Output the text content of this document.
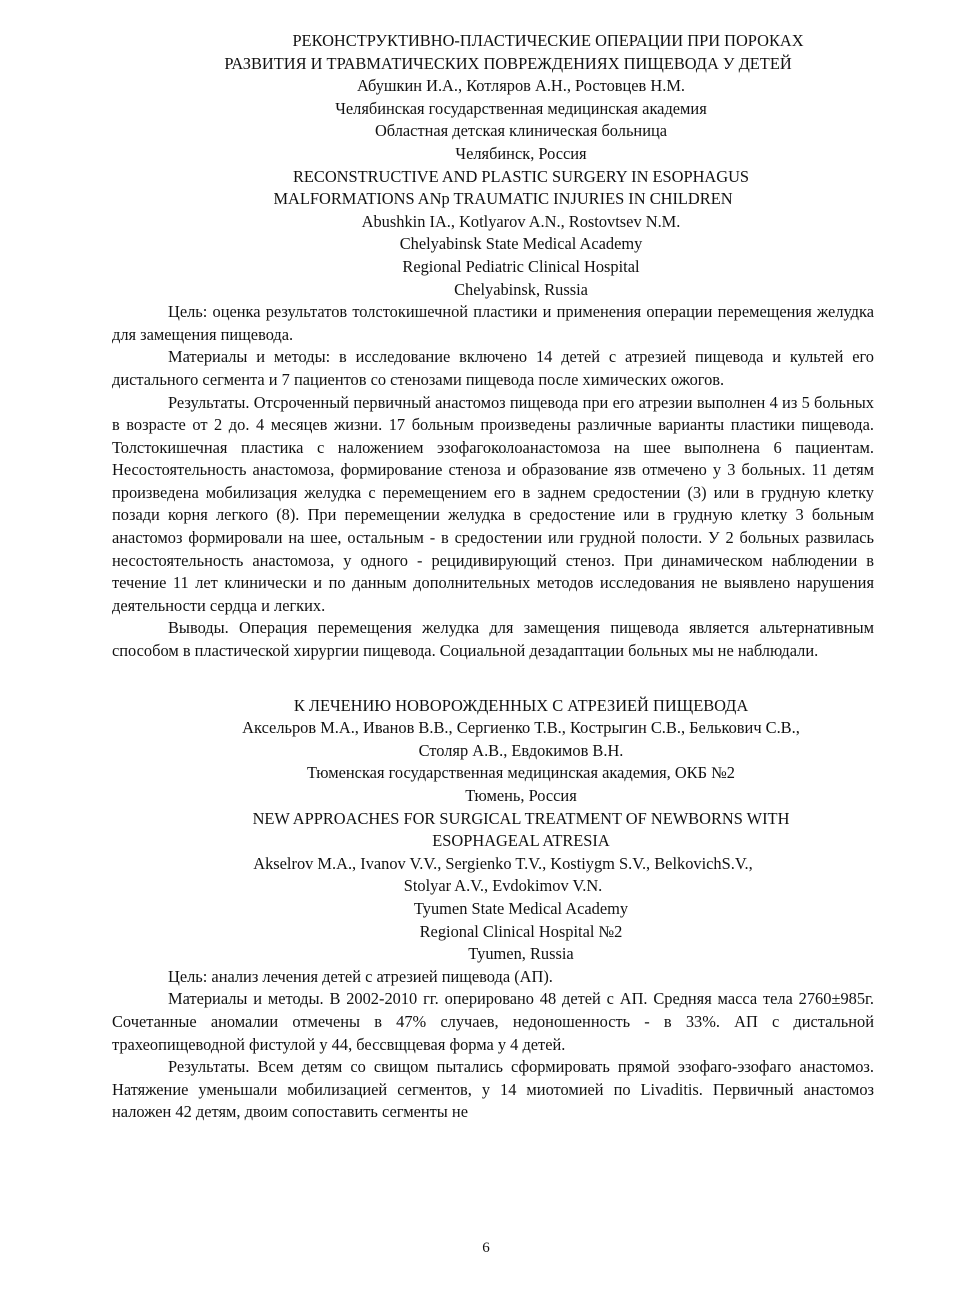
РЕКОНСТРУКТИВНО-ПЛАСТИЧЕСКИЕ ОПЕРАЦИИ ПРИ ПОРОКАХ

РАЗВИТИЯ И ТРАВМАТИЧЕСКИХ ПОВРЕЖДЕНИЯХ ПИЩЕВОДА У ДЕТЕЙ

Абушкин И.А., Котляров А.Н., Ростовцев Н.М.

Челябинская государственная медицинская академия

Областная детская клиническая больница

Челябинск, Россия

RECONSTRUCTIVE AND PLASTIC SURGERY IN ESOPHAGUS

MALFORMATIONS ANp TRAUMATIC INJURIES IN CHILDREN

Abushkin IA., Kotlyarov A.N., Rostovtsev N.M.

Chelyabinsk State Medical Academy

Regional Pediatric Clinical Hospital

Chelyabinsk, Russia

Цель: оценка результатов толстокишечной пластики и применения операции перемещения желудка для замещения пищевода.

Материалы и методы: в исследование включено 14 детей с атрезией пищевода и культей его дистального сегмента и 7 пациентов со стенозами пищевода после химических ожогов.

Результаты. Отсроченный первичный анастомоз пищевода при его атрезии выполнен 4 из 5 больных в возрасте от 2 до. 4 месяцев жизни. 17 больным произведены различные варианты пластики пищевода. Толстокишечная пластика с наложением эзофагоколоанастомоза на шее выполнена 6 пациентам. Несостоятельность анастомоза, формирование стеноза и образование язв отмечено у 3 больных. 11 детям произведена мобилизация желудка с перемещением его в заднем средостении (3) или в грудную клетку позади корня легкого (8). При перемещении желудка в средостение или в грудную клетку 3 больным анастомоз формировали на шее, остальным - в средостении или грудной полости. У 2 больных развилась несостоятельность анастомоза, у одного - рецидивирующий стеноз. При динамическом наблюдении в течение 11 лет клинически и по данным дополнительных методов исследования не выявлено нарушения деятельности сердца и легких.

Выводы. Операция перемещения желудка для замещения пищевода является альтернативным способом в пластической хирургии пищевода. Социальной дезадаптации больных мы не наблюдали.

К ЛЕЧЕНИЮ НОВОРОЖДЕННЫХ С АТРЕЗИЕЙ ПИЩЕВОДА

Аксельров М.А., Иванов В.В., Сергиенко Т.В., Кострыгин С.В., Белькович С.В.,

Столяр А.В., Евдокимов В.Н.

Тюменская государственная медицинская академия, ОКБ №2

Тюмень, Россия

NEW APPROACHES FOR SURGICAL TREATMENT OF NEWBORNS WITH

ESOPHAGEAL ATRESIA

Akselrov M.A., Ivanov V.V., Sergienko T.V., Kostiygm S.V., BelkovichS.V.,

Stolyar A.V., Evdokimov V.N.

Tyumen State Medical Academy

Regional Clinical Hospital №2

Tyumen, Russia

Цель: анализ лечения детей с атрезией пищевода (АП).

Материалы и методы. В 2002-2010 гг. оперировано 48 детей с АП. Средняя масса тела 2760±985г. Сочетанные аномалии отмечены в 47% случаев, недоношенность - в 33%. АП с дистальной трахеопищеводной фистулой у 44, бессвщцевая форма у 4 детей.

Результаты. Всем детям со свищом пытались сформировать прямой эзофаго-эзофаго анастомоз. Натяжение уменьшали мобилизацией сегментов, у 14 миотомией по Livaditis. Первичный анастомоз наложен 42 детям, двоим сопоставить сегменты не

6
